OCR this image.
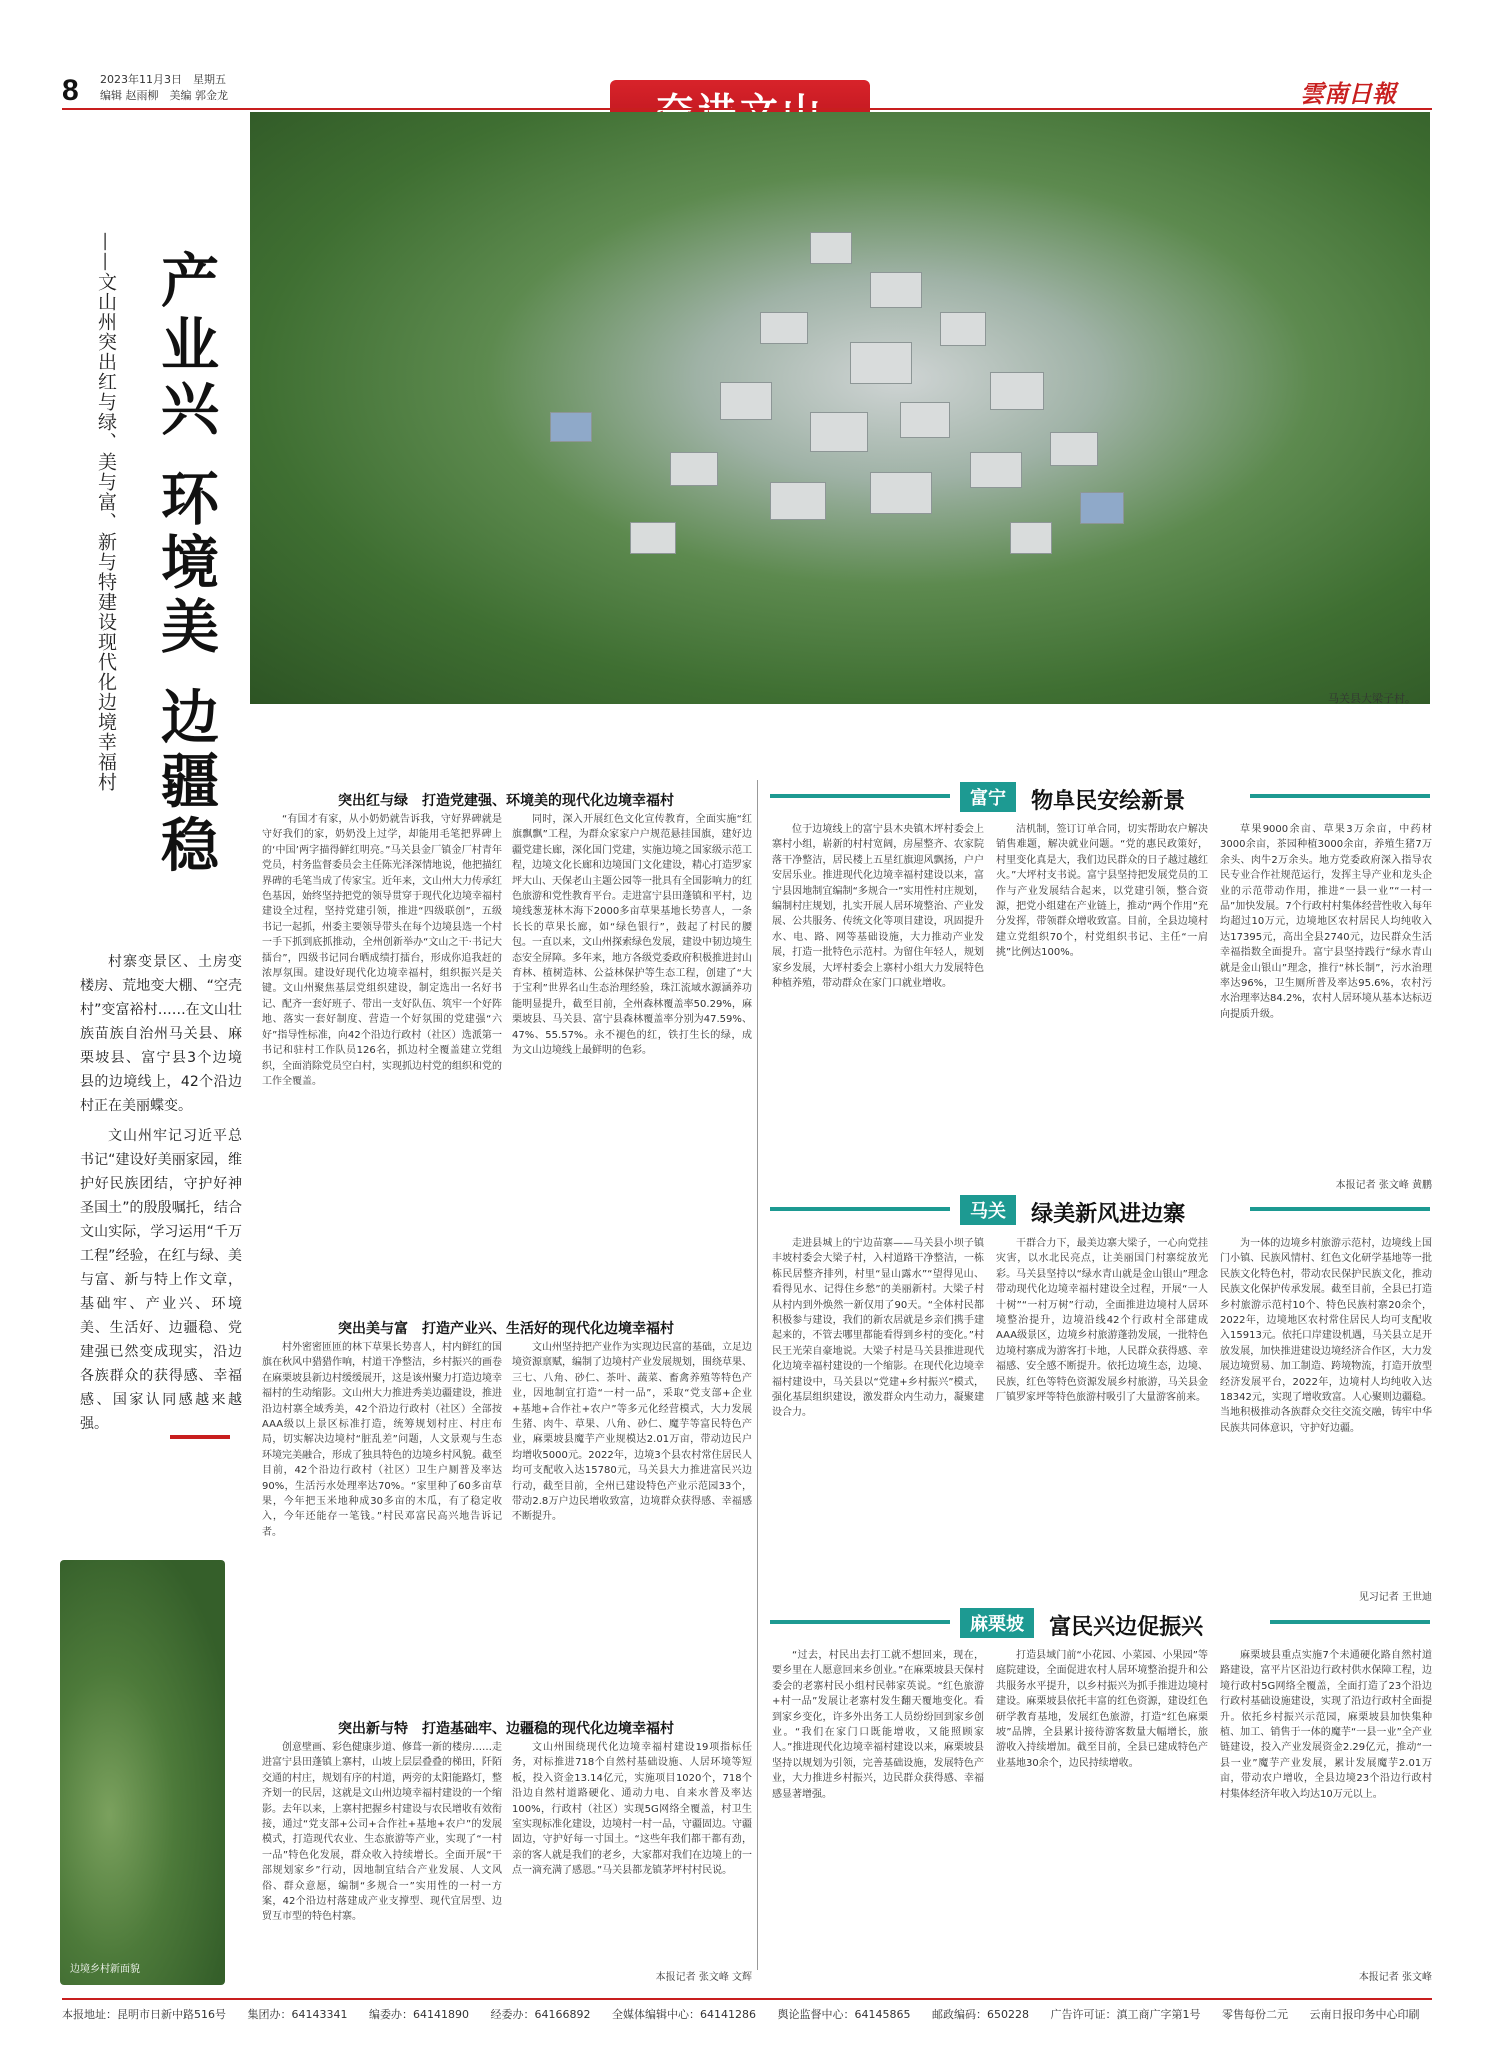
8 2023年11月3日　星期五
编辑 赵雨柳　美编 郭金龙	雲南日報
马关县大梁子村。
产业兴 环境美 边疆稳
——文山州突出红与绿、美与富、新与特建设现代化边境幸福村

村寨变景区、土房变楼房、荒地变大棚、“空壳村”变富裕村……在文山壮族苗族自治州马关县、麻栗坡县、富宁县3个边境县的边境线上，42个沿边村正在美丽蝶变。

文山州牢记习近平总书记“建设好美丽家园，维护好民族团结，守护好神圣国土”的殷殷嘱托，结合文山实际，学习运用“千万工程”经验，在红与绿、美与富、新与特上作文章，基础牢、产业兴、环境美、生活好、边疆稳、党建强已然变成现实，沿边各族群众的获得感、幸福感、国家认同感越来越强。

边境乡村新面貌
突出红与绿　打造党建强、环境美的现代化边境幸福村

“有国才有家，从小奶奶就告诉我，守好界碑就是守好我们的家，奶奶没上过学，却能用毛笔把界碑上的‘中国’两字描得鲜红明亮。”马关县金厂镇金厂村青年党员，村务监督委员会主任陈光泽深情地说，他把描红界碑的毛笔当成了传家宝。近年来，文山州大力传承红色基因，始终坚持把党的领导贯穿于现代化边境幸福村建设全过程，坚持党建引领，推进“四级联创”，五级书记一起抓，州委主要领导带头在每个边境县选一个村一手下抓到底抓推动，全州创新举办“文山之干·书记大擂台”，四级书记同台晒成绩打擂台，形成你追我赶的浓厚氛围。建设好现代化边境幸福村，组织振兴是关键。文山州聚焦基层党组织建设，制定选出一名好书记、配齐一套好班子、带出一支好队伍、筑牢一个好阵地、落实一套好制度、营造一个好氛围的党建强“六好”指导性标准，向42个沿边行政村（社区）选派第一书记和驻村工作队员126名，抓边村全覆盖建立党组织，全面消除党员空白村，实现抓边村党的组织和党的工作全覆盖。

同时，深入开展红色文化宣传教育，全面实施“红旗飘飘”工程，为群众家家户户规范悬挂国旗，建好边疆党建长廊，深化国门党建，实施边境之国家级示范工程，边境文化长廊和边境国门文化建设，精心打造罗家坪大山、天保老山主题公园等一批具有全国影响力的红色旅游和党性教育平台。走进富宁县田蓬镇和平村，边境线葱茏林木海下2000多亩草果基地长势喜人，一条长长的草果长廊，如“绿色银行”，鼓起了村民的腰包。一直以来，文山州探索绿色发展，建设中韧边境生态安全屏障。多年来，地方各级党委政府积极推进封山育林、植树造林、公益林保护等生态工程，创建了“大于宝利”世界名山生态治理经验，珠江流域水源涵养功能明显提升，截至目前，全州森林覆盖率50.29%，麻栗坡县、马关县、富宁县森林覆盖率分别为47.59%、47%、55.57%。永不褪色的红，铁打生长的绿，成为文山边境线上最鲜明的色彩。

突出美与富　打造产业兴、生活好的现代化边境幸福村

村外密密匝匝的林下草果长势喜人，村内鲜红的国旗在秋风中猎猎作响，村道干净整洁，乡村振兴的画卷在麻栗坡县新边村缓缓展开，这是该州聚力打造边境幸福村的生动缩影。文山州大力推进秀美边疆建设，推进沿边村寨全域秀美，42个沿边行政村（社区）全部按AAA级以上景区标准打造，统筹规划村庄、村庄布局，切实解决边境村“脏乱差”问题，人文景观与生态环境完美融合，形成了独具特色的边境乡村风貌。截至目前，42个沿边行政村（社区）卫生户厕普及率达90%，生活污水处理率达70%。“家里种了60多亩草果，今年把玉米地种成30多亩的木瓜，有了稳定收入，今年还能存一笔钱。”村民邓富民高兴地告诉记者。

文山州坚持把产业作为实现边民富的基础，立足边境资源禀赋，编制了边境村产业发展规划，围绕草果、三七、八角、砂仁、茶叶、蔬菜、畜禽养殖等特色产业，因地制宜打造“一村一品”，采取“党支部+企业+基地+合作社+农户”等多元化经营模式，大力发展生猪、肉牛、草果、八角、砂仁、魔芋等富民特色产业，麻栗坡县魔芋产业规模达2.01万亩，带动边民户均增收5000元。2022年，边境3个县农村常住居民人均可支配收入达15780元，马关县大力推进富民兴边行动，截至目前，全州已建设特色产业示范园33个，带动2.8万户边民增收致富，边境群众获得感、幸福感不断提升。

突出新与特　打造基础牢、边疆稳的现代化边境幸福村

创意壁画、彩色健康步道、修葺一新的楼房……走进富宁县田蓬镇上寨村，山坡上层层叠叠的梯田，阡陌交通的村庄，规划有序的村道，两旁的太阳能路灯，整齐划一的民居，这就是文山州边境幸福村建设的一个缩影。去年以来，上寨村把握乡村建设与农民增收有效衔接，通过“党支部+公司+合作社+基地+农户”的发展模式，打造现代农业、生态旅游等产业，实现了“一村一品”特色化发展，群众收入持续增长。全面开展“干部规划家乡”行动，因地制宜结合产业发展、人文风俗、群众意愿，编制“多规合一”实用性的一村一方案，42个沿边村落建成产业支撑型、现代宜居型、边贸互市型的特色村寨。

文山州围绕现代化边境幸福村建设19项指标任务，对标推进718个自然村基础设施、人居环境等短板，投入资金13.14亿元，实施项目1020个，718个沿边自然村道路硬化、通动力电、自来水普及率达100%，行政村（社区）实现5G网络全覆盖，村卫生室实现标准化建设，边境村一村一品，守疆固边。守疆固边，守护好每一寸国土。“这些年我们都干都有劲，亲的客人就是我们的老乡，大家都对我们在边境上的一点一滴充满了感恩。”马关县都龙镇茅坪村村民说。

本报记者 张文峰 文辉
富宁 物阜民安绘新景

位于边境线上的富宁县木央镇木坪村委会上寨村小组，崭新的村村宽阔，房屋整齐、农家院落干净整洁，居民楼上五星红旗迎风飘扬，户户安居乐业。推进现代化边境幸福村建设以来，富宁县因地制宜编制“多规合一”实用性村庄规划，编制村庄规划，扎实开展人居环境整治、产业发展、公共服务、传统文化等项目建设，巩固提升水、电、路、网等基础设施，大力推动产业发展，打造一批特色示范村。为留住年轻人，规划家乡发展，大坪村委会上寨村小组大力发展特色种植养殖，带动群众在家门口就业增收。

洁机制，签订订单合同，切实帮助农户解决销售难题，解决就业问题。“党的惠民政策好，村里变化真是大，我们边民群众的日子越过越红火。”大坪村支书说。富宁县坚持把发展党员的工作与产业发展结合起来，以党建引领，整合资源，把党小组建在产业链上，推动“两个作用”充分发挥，带领群众增收致富。目前，全县边境村建立党组织70个，村党组织书记、主任“一肩挑”比例达100%。

草果9000余亩、草果3万余亩，中药材3000余亩，茶园种植3000余亩，养殖生猪7万余头、肉牛2万余头。地方党委政府深入指导农民专业合作社规范运行，发挥主导产业和龙头企业的示范带动作用，推进“一县一业”“一村一品”加快发展。7个行政村村集体经营性收入每年均超过10万元，边境地区农村居民人均纯收入达17395元，高出全县2740元，边民群众生活幸福指数全面提升。富宁县坚持践行“绿水青山就是金山银山”理念，推行“林长制”，污水治理率达96%，卫生厕所普及率达95.6%，农村污水治理率达84.2%，农村人居环境从基本达标迈向提质升级。

本报记者 张文峰 黄鹏
马关 绿美新风进边寨

走进县城上的宁边苗寨——马关县小坝子镇丰坡村委会大梁子村，入村道路干净整洁，一栋栋民居整齐排列，村里“显山露水”“望得见山、看得见水、记得住乡愁”的美丽新村。大梁子村从村内到外焕然一新仅用了90天。“全体村民都积极参与建设，我们的新农居就是乡亲们携手建起来的，不管去哪里都能看得到乡村的变化。”村民王光荣自豪地说。大梁子村是马关县推进现代化边境幸福村建设的一个缩影。在现代化边境幸福村建设中，马关县以“党建+乡村振兴”模式，强化基层组织建设，激发群众内生动力，凝聚建设合力。

干群合力下，最美边寨大梁子，一心向党挂灾害，以水北民亮点，让美丽国门村寨绽放光彩。马关县坚持以“绿水青山就是金山银山”理念带动现代化边境幸福村建设全过程，开展“一人十树”“一村万树”行动，全面推进边境村人居环境整治提升，边境沿线42个行政村全部建成AAA级景区，边境乡村旅游蓬勃发展，一批特色边境村寨成为游客打卡地，人民群众获得感、幸福感、安全感不断提升。依托边境生态，边境、民族，红色等特色资源发展乡村旅游，马关县金厂镇罗家坪等特色旅游村吸引了大量游客前来。

为一体的边境乡村旅游示范村，边境线上国门小镇、民族风情村、红色文化研学基地等一批民族文化特色村，带动农民保护民族文化，推动民族文化保护传承发展。截至目前，全县已打造乡村旅游示范村10个、特色民族村寨20余个，2022年，边境地区农村常住居民人均可支配收入15913元。依托口岸建设机遇，马关县立足开放发展，加快推进建设边境经济合作区，大力发展边境贸易、加工制造、跨境物流，打造开放型经济发展平台，2022年，边境村人均纯收入达18342元，实现了增收致富。人心聚则边疆稳。当地积极推动各族群众交往交流交融，铸牢中华民族共同体意识，守护好边疆。

见习记者 王世迪
麻栗坡 富民兴边促振兴

“过去，村民出去打工就不想回来，现在，要乡里在人愿意回来乡创业。”在麻栗坡县天保村委会的老寨村民小组村民韩家英说。“红色旅游+村一品”发展让老寨村发生翻天覆地变化。看到家乡变化，许多外出务工人员纷纷回到家乡创业。“我们在家门口既能增收，又能照顾家人。”推进现代化边境幸福村建设以来，麻栗坡县坚持以规划为引领，完善基础设施，发展特色产业，大力推进乡村振兴，边民群众获得感、幸福感显著增强。

打造县域门前“小花园、小菜园、小果园”等庭院建设，全面促进农村人居环境整治提升和公共服务水平提升，以乡村振兴为抓手推进边境村建设。麻栗坡县依托丰富的红色资源，建设红色研学教育基地，发展红色旅游，打造“红色麻栗坡”品牌，全县累计接待游客数量大幅增长，旅游收入持续增加。截至目前，全县已建成特色产业基地30余个，边民持续增收。

麻栗坡县重点实施7个未通硬化路自然村道路建设，富平片区沿边行政村供水保障工程，边境行政村5G网络全覆盖，全面打造了23个沿边行政村基础设施建设，实现了沿边行政村全面提升。依托乡村振兴示范园，麻栗坡县加快集种植、加工、销售于一体的魔芋“一县一业”全产业链建设，投入产业发展资金2.29亿元，推动“一县一业”魔芋产业发展，累计发展魔芋2.01万亩，带动农户增收，全县边境23个沿边行政村村集体经济年收入均达10万元以上。

本报记者 张文峰
本报地址：昆明市日新中路516号 集团办：64143341 编委办：64141890 经委办：64166892 全媒体编辑中心：64141286 舆论监督中心：64145865 邮政编码：650228 广告许可证：滇工商广字第1号 零售每份二元 云南日报印务中心印刷
